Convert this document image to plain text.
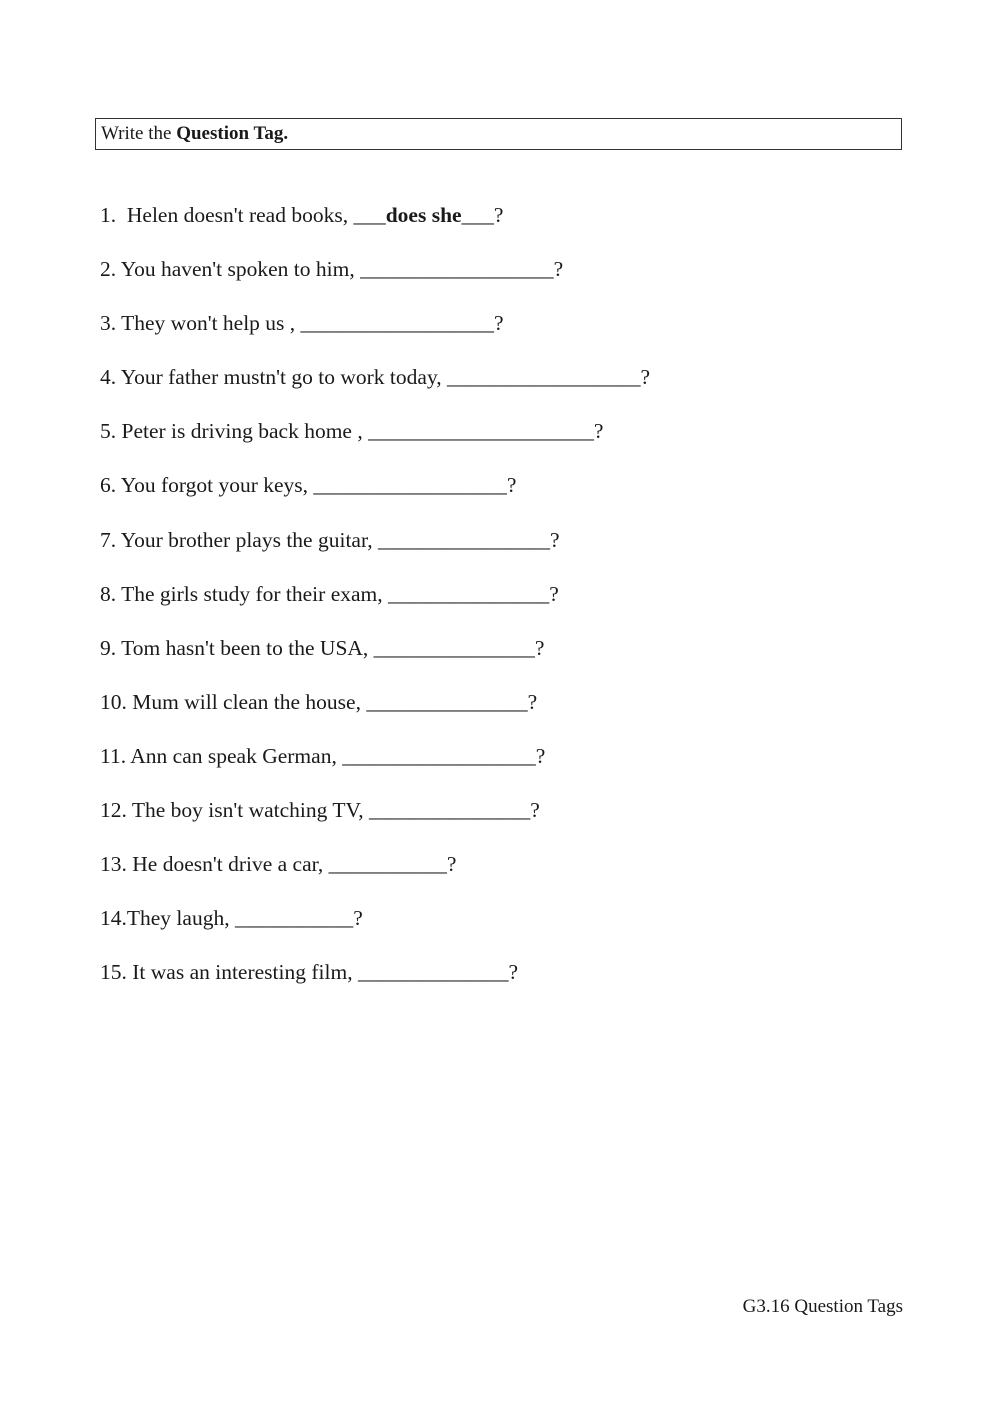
Write the Question Tag.
1.  Helen doesn't read books, ___does she___?
2. You haven't spoken to him, __________________?
3. They won't help us , __________________?
4. Your father mustn't go to work today, __________________?
5. Peter is driving back home , _____________________?
6. You forgot your keys, __________________?
7. Your brother plays the guitar, ________________?
8. The girls study for their exam, _______________?
9. Tom hasn't been to the USA, _______________?
10. Mum will clean the house, _______________?
11. Ann can speak German, __________________?
12. The boy isn't watching TV, _______________?
13. He doesn't drive a car, ___________?
14.They laugh, ___________?
15. It was an interesting film, ______________?
G3.16 Question Tags
